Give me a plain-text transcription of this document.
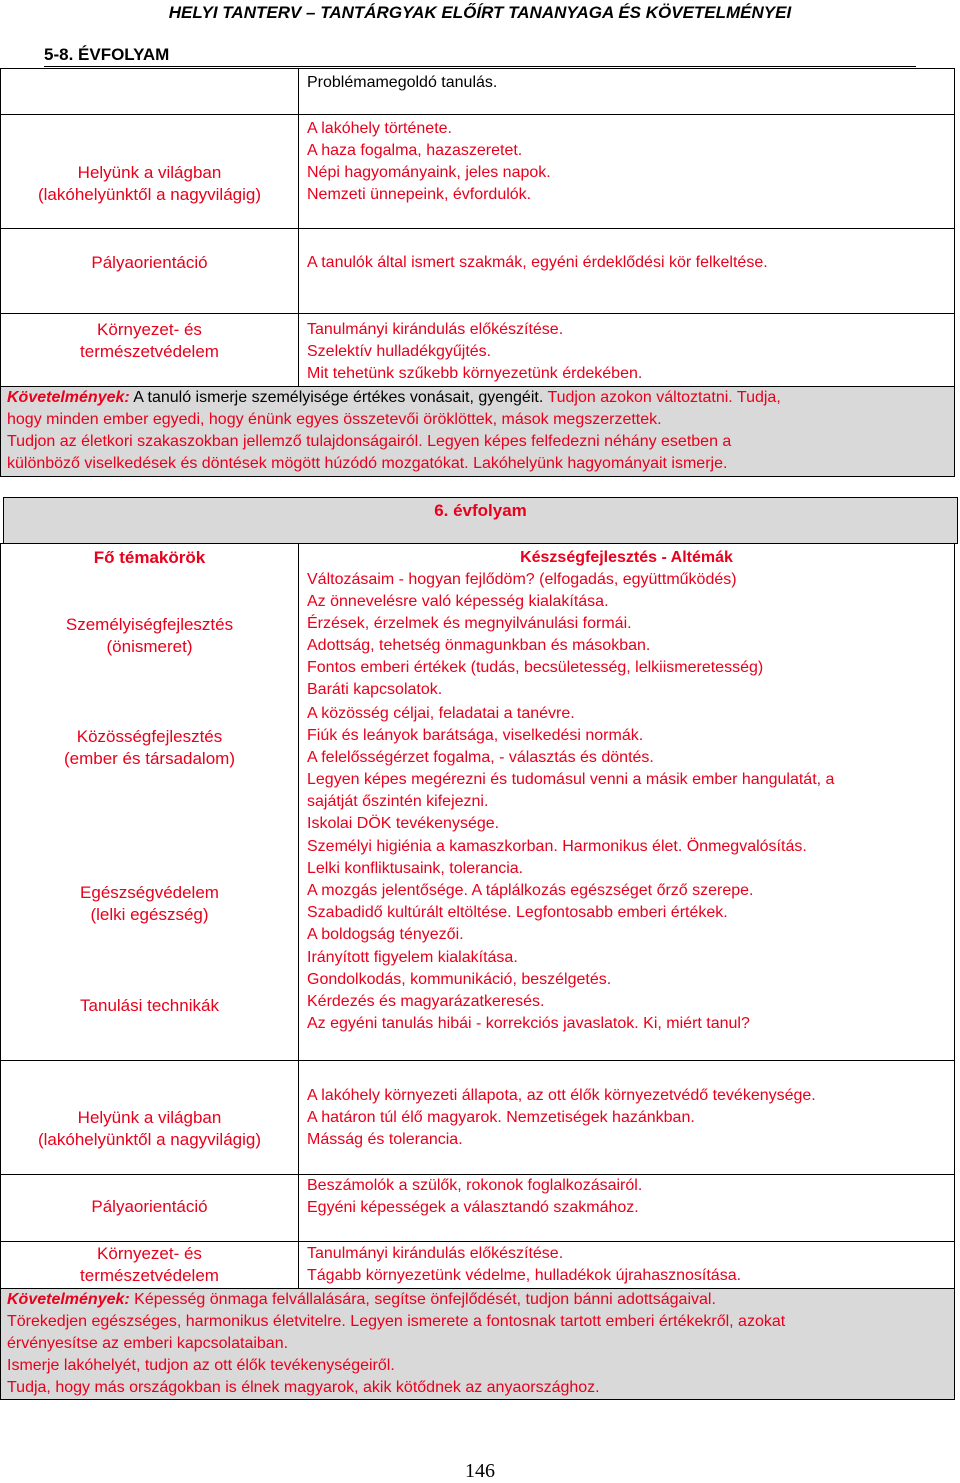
HELYI TANTERV – TANTÁRGYAK ELŐÍRT TANANYAGA ÉS KÖVETELMÉNYEI
5-8. ÉVFOLYAM
Problémamegoldó tanulás.
Helyünk a világban
(lakóhelyünktől a nagyvilágig)
A lakóhely története.
A haza fogalma, hazaszeretet.
Népi hagyományaink, jeles napok.
Nemzeti ünnepeink, évfordulók.
Pályaorientáció	A tanulók által ismert szakmák, egyéni érdeklődési kör felkeltése.
Környezet- és
természetvédelem
Tanulmányi kirándulás előkészítése.
Szelektív hulladékgyűjtés.
Mit tehetünk szűkebb környezetünk érdekében.
Követelmények: A tanuló ismerje személyisége értékes vonásait, gyengéit. Tudjon azokon változtatni. Tudja,
hogy minden ember egyedi, hogy énünk egyes összetevői öröklöttek, mások megszerzettek.
Tudjon az életkori szakaszokban jellemző tulajdonságairól. Legyen képes felfedezni néhány esetben a
különböző viselkedések és döntések mögött húzódó mozgatókat. Lakóhelyünk hagyományait ismerje.
6. évfolyam
Fő témakörök
Személyiségfejlesztés
(önismeret)
Közösségfejlesztés
(ember és társadalom)
Egészségvédelem
(lelki egészség)
Tanulási technikák
Készségfejlesztés - Altémák
Változásaim - hogyan fejlődöm? (elfogadás, együttműködés)
Az önnevelésre való képesség kialakítása.
Érzések, érzelmek és megnyilvánulási formái.
Adottság, tehetség önmagunkban és másokban.
Fontos emberi értékek (tudás, becsületesség, lelkiismeretesség)
Baráti kapcsolatok.
A közösség céljai, feladatai a tanévre.
Fiúk és leányok barátsága, viselkedési normák.
A felelősségérzet fogalma, - választás és döntés.
Legyen képes megérezni és tudomásul venni a másik ember hangulatát, a
sajátját őszintén kifejezni.
Iskolai DÖK tevékenysége.
Személyi higiénia a kamaszkorban. Harmonikus élet. Önmegvalósítás.
Lelki konfliktusaink, tolerancia.
A mozgás jelentősége. A táplálkozás egészséget őrző szerepe.
Szabadidő kultúrált eltöltése. Legfontosabb emberi értékek.
A boldogság tényezői.
Irányított figyelem kialakítása.
Gondolkodás, kommunikáció, beszélgetés.
Kérdezés és magyarázatkeresés.
Az egyéni tanulás hibái - korrekciós javaslatok. Ki, miért tanul?
Helyünk a világban
(lakóhelyünktől a nagyvilágig)
A lakóhely környezeti állapota, az ott élők környezetvédő tevékenysége.
A határon túl élő magyarok. Nemzetiségek hazánkban.
Másság és tolerancia.
Pályaorientáció
Beszámolók a szülők, rokonok foglalkozásairól.
Egyéni képességek a választandó szakmához.
Környezet- és
természetvédelem
Tanulmányi kirándulás előkészítése.
Tágabb környezetünk védelme, hulladékok újrahasznosítása.
Követelmények: Képesség önmaga felvállalására, segítse önfejlődését, tudjon bánni adottságaival.
Törekedjen egészséges, harmonikus életvitelre. Legyen ismerete a fontosnak tartott emberi értékekről, azokat
érvényesítse az emberi kapcsolataiban.
Ismerje lakóhelyét, tudjon az ott élők tevékenységeiről.
Tudja, hogy más országokban is élnek magyarok, akik kötődnek az anyaországhoz.
146
